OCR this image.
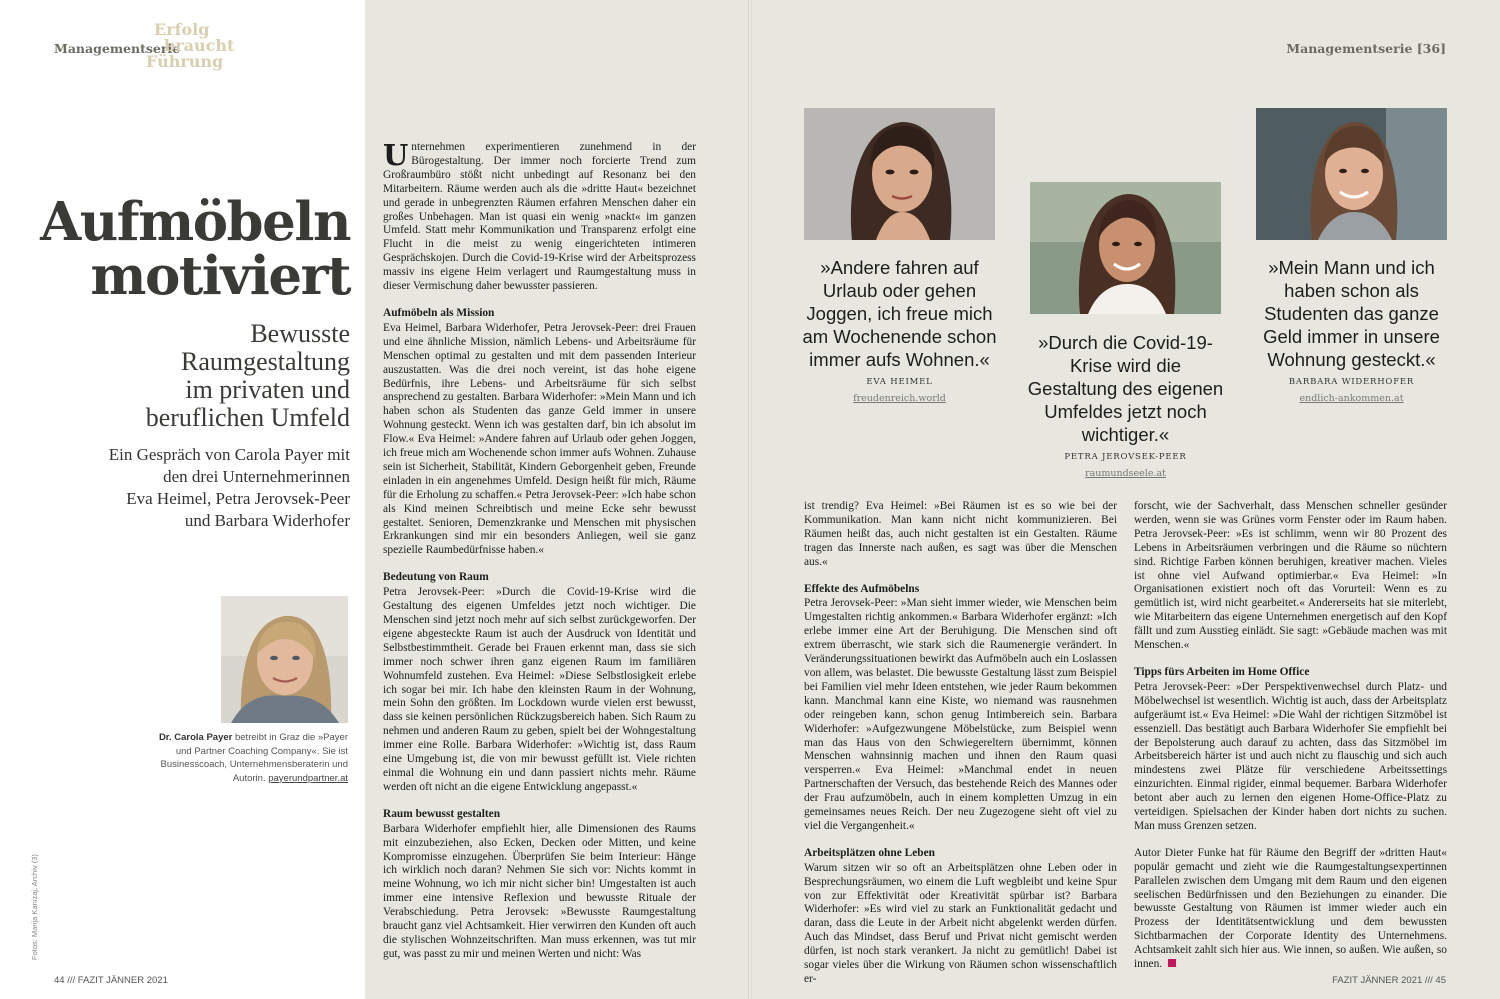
Managementserie
Erfolg
braucht
Führung
Aufmöbeln
motiviert
Bewusste
Raumgestaltung
im privaten und
beruflichen Umfeld
Ein Gespräch von Carola Payer mit
den drei Unternehmerinnen
Eva Heimel, Petra Jerovsek-Peer
und Barbara Widerhofer
Dr. Carola Payer betreibt in Graz die »Payer und Partner Coaching Company«. Sie ist Businesscoach, Unternehmensberaterin und Autorin. payerundpartner.at
Fotos: Marija Kanizaj, Archiv (3)

Unternehmen experimentieren zunehmend in der Bürogestaltung. Der immer noch forcierte Trend zum Großraumbüro stößt nicht unbedingt auf Resonanz bei den Mitarbeitern. Räume werden auch als die »dritte Haut« bezeichnet und gerade in unbegrenzten Räumen erfahren Menschen daher ein großes Unbehagen. Man ist quasi ein wenig »nackt« im ganzen Umfeld. Statt mehr Kommunikation und Transparenz erfolgt eine Flucht in die meist zu wenig eingerichteten intimeren Gesprächskojen. Durch die Covid-19-Krise wird der Arbeitsprozess massiv ins eigene Heim verlagert und Raumgestaltung muss in dieser Vermischung daher bewusster passieren.

Aufmöbeln als Mission

Eva Heimel, Barbara Widerhofer, Petra Jerovsek-Peer: drei Frauen und eine ähnliche Mission, nämlich Lebens- und Arbeitsräume für Menschen optimal zu gestalten und mit dem passenden Interieur auszustatten. Was die drei noch vereint, ist das hohe eigene Bedürfnis, ihre Lebens- und Arbeitsräume für sich selbst ansprechend zu gestalten. Barbara Widerhofer: »Mein Mann und ich haben schon als Studenten das ganze Geld immer in unsere Wohnung gesteckt. Wenn ich was gestalten darf, bin ich absolut im Flow.« Eva Heimel: »Andere fahren auf Urlaub oder gehen Joggen, ich freue mich am Wochenende schon immer aufs Wohnen. Zuhause sein ist Sicherheit, Stabilität, Kindern Geborgenheit geben, Freunde einladen in ein angenehmes Umfeld. Design heißt für mich, Räume für die Erholung zu schaffen.« Petra Jerovsek-Peer: »Ich habe schon als Kind meinen Schreibtisch und meine Ecke sehr bewusst gestaltet. Senioren, Demenzkranke und Menschen mit physischen Erkrankungen sind mir ein besonders Anliegen, weil sie ganz spezielle Raumbedürfnisse haben.«

Bedeutung von Raum

Petra Jerovsek-Peer: »Durch die Covid-19-Krise wird die Gestaltung des eigenen Umfeldes jetzt noch wichtiger. Die Menschen sind jetzt noch mehr auf sich selbst zurückgeworfen. Der eigene abgesteckte Raum ist auch der Ausdruck von Identität und Selbstbestimmtheit. Gerade bei Frauen erkennt man, dass sie sich immer noch schwer ihren ganz eigenen Raum im familiären Wohnumfeld zustehen. Eva Heimel: »Diese Selbstlosigkeit erlebe ich sogar bei mir. Ich habe den kleinsten Raum in der Wohnung, mein Sohn den größten. Im Lockdown wurde vielen erst bewusst, dass sie keinen persönlichen Rückzugsbereich haben. Sich Raum zu nehmen und anderen Raum zu geben, spielt bei der Wohngestaltung immer eine Rolle. Barbara Widerhofer: »Wichtig ist, dass Raum eine Umgebung ist, die von mir bewusst gefüllt ist. Viele richten einmal die Wohnung ein und dann passiert nichts mehr. Räume werden oft nicht an die eigene Entwicklung angepasst.«

Raum bewusst gestalten

Barbara Widerhofer empfiehlt hier, alle Dimensionen des Raums mit einzubeziehen, also Ecken, Decken oder Mitten, und keine Kompromisse einzugehen. Überprüfen Sie beim Interieur: Hänge ich wirklich noch daran? Nehmen Sie sich vor: Nichts kommt in meine Wohnung, wo ich mir nicht sicher bin! Umgestalten ist auch immer eine intensive Reflexion und bewusste Rituale der Verabschiedung. Petra Jerovsek: »Bewusste Raumgestaltung braucht ganz viel Achtsamkeit. Hier verwirren den Kunden oft auch die stylischen Wohnzeitschriften. Man muss erkennen, was tut mir gut, was passt zu mir und meinen Werten und nicht: Was

Managementserie [36]
»Andere fahren auf Urlaub oder gehen Joggen, ich freue mich am Wochenende schon immer aufs Wohnen.«
EVA HEIMEL
freudenreich.world
»Durch die Covid-19-Krise wird die Gestaltung des eigenen Umfeldes jetzt noch wichtiger.«
PETRA JEROVSEK-PEER
raumundseele.at
»Mein Mann und ich haben schon als Studenten das ganze Geld immer in unsere Wohnung gesteckt.«
BARBARA WIDERHOFER
endlich-ankommen.at

ist trendig? Eva Heimel: »Bei Räumen ist es so wie bei der Kommunikation. Man kann nicht nicht kommunizieren. Bei Räumen heißt das, auch nicht gestalten ist ein Gestalten. Räume tragen das Innerste nach außen, es sagt was über die Menschen aus.«

Effekte des Aufmöbelns

Petra Jerovsek-Peer: »Man sieht immer wieder, wie Menschen beim Umgestalten richtig ankommen.« Barbara Widerhofer ergänzt: »Ich erlebe immer eine Art der Beruhigung. Die Menschen sind oft extrem überrascht, wie stark sich die Raumenergie verändert. In Veränderungssituationen bewirkt das Aufmöbeln auch ein Loslassen von allem, was belastet. Die bewusste Gestaltung lässt zum Beispiel bei Familien viel mehr Ideen entstehen, wie jeder Raum bekommen kann. Manchmal kann eine Kiste, wo niemand was rausnehmen oder reingeben kann, schon genug Intimbereich sein. Barbara Widerhofer: »Aufgezwungene Möbelstücke, zum Beispiel wenn man das Haus von den Schwiegereltern übernimmt, können Menschen wahnsinnig machen und ihnen den Raum quasi versperren.« Eva Heimel: »Manchmal endet in neuen Partnerschaften der Versuch, das bestehende Reich des Mannes oder der Frau aufzumöbeln, auch in einem kompletten Umzug in ein gemeinsames neues Reich. Der neu Zugezogene sieht oft viel zu viel die Vergangenheit.«

Arbeitsplätzen ohne Leben

Warum sitzen wir so oft an Arbeitsplätzen ohne Leben oder in Besprechungsräumen, wo einem die Luft wegbleibt und keine Spur von zur Effektivität oder Kreativität spürbar ist? Barbara Widerhofer: »Es wird viel zu stark an Funktionalität gedacht und daran, dass die Leute in der Arbeit nicht abgelenkt werden dürfen. Auch das Mindset, dass Beruf und Privat nicht gemischt werden dürfen, ist noch stark verankert. Ja nicht zu gemütlich! Dabei ist sogar vieles über die Wirkung von Räumen schon wissenschaftlich er-

forscht, wie der Sachverhalt, dass Menschen schneller gesünder werden, wenn sie was Grünes vorm Fenster oder im Raum haben. Petra Jerovsek-Peer: »Es ist schlimm, wenn wir 80 Prozent des Lebens in Arbeitsräumen verbringen und die Räume so nüchtern sind. Richtige Farben können beruhigen, kreativer machen. Vieles ist ohne viel Aufwand optimierbar.« Eva Heimel: »In Organisationen existiert noch oft das Vorurteil: Wenn es zu gemütlich ist, wird nicht gearbeitet.« Andererseits hat sie miterlebt, wie Mitarbeitern das eigene Unternehmen energetisch auf den Kopf fällt und zum Ausstieg einlädt. Sie sagt: »Gebäude machen was mit Menschen.«

Tipps fürs Arbeiten im Home Office

Petra Jerovsek-Peer: »Der Perspektivenwechsel durch Platz- und Möbelwechsel ist wesentlich. Wichtig ist auch, dass der Arbeitsplatz aufgeräumt ist.« Eva Heimel: »Die Wahl der richtigen Sitzmöbel ist essenziell. Das bestätigt auch Barbara Widerhofer Sie empfiehlt bei der Bepolsterung auch darauf zu achten, dass das Sitzmöbel im Arbeitsbereich härter ist und auch nicht zu flauschig und sich auch mindestens zwei Plätze für verschiedene Arbeitssettings einzurichten. Einmal rigider, einmal bequemer. Barbara Widerhofer betont aber auch zu lernen den eigenen Home-Office-Platz zu verteidigen. Spielsachen der Kinder haben dort nichts zu suchen. Man muss Grenzen setzen.

Autor Dieter Funke hat für Räume den Begriff der »dritten Haut« populär gemacht und zieht wie die Raumgestaltungsexpertinnen Parallelen zwischen dem Umgang mit dem Raum und den eigenen seelischen Bedürfnissen und den Beziehungen zu einander. Die bewusste Gestaltung von Räumen ist immer wieder auch ein Prozess der Identitätsentwicklung und dem bewussten Sichtbarmachen der Corporate Identity des Unternehmens. Achtsamkeit zahlt sich hier aus. Wie innen, so außen. Wie außen, so innen.

44 /// FAZIT JÄNNER 2021	FAZIT JÄNNER 2021 /// 45
